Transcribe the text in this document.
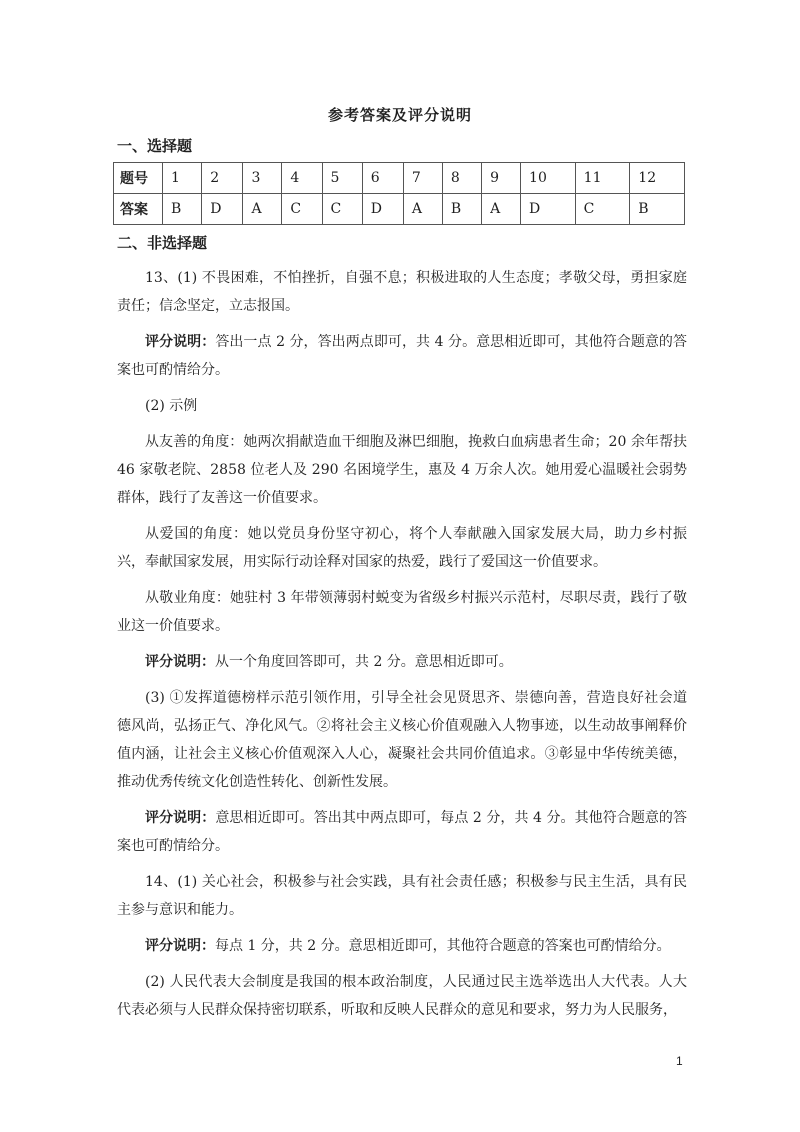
参考答案及评分说明
一、选择题
题号	1	2	3	4	5	6	7	8	9	10	11	12
答案	B	D	A	C	C	D	A	B	A	D	C	B
二、非选择题

13、(1) 不畏困难，不怕挫折，自强不息；积极进取的人生态度；孝敬父母，勇担家庭责任；信念坚定，立志报国。

评分说明：答出一点 2 分，答出两点即可，共 4 分。意思相近即可，其他符合题意的答案也可酌情给分。

(2) 示例

从友善的角度：她两次捐献造血干细胞及淋巴细胞，挽救白血病患者生命；20 余年帮扶 46 家敬老院、2858 位老人及 290 名困境学生，惠及 4 万余人次。她用爱心温暖社会弱势群体，践行了友善这一价值要求。

从爱国的角度：她以党员身份坚守初心，将个人奉献融入国家发展大局，助力乡村振兴，奉献国家发展，用实际行动诠释对国家的热爱，践行了爱国这一价值要求。

从敬业角度：她驻村 3 年带领薄弱村蜕变为省级乡村振兴示范村，尽职尽责，践行了敬业这一价值要求。

评分说明：从一个角度回答即可，共 2 分。意思相近即可。

(3) ①发挥道德榜样示范引领作用，引导全社会见贤思齐、崇德向善，营造良好社会道德风尚，弘扬正气、净化风气。②将社会主义核心价值观融入人物事迹，以生动故事阐释价值内涵，让社会主义核心价值观深入人心，凝聚社会共同价值追求。③彰显中华传统美德，推动优秀传统文化创造性转化、创新性发展。

评分说明：意思相近即可。答出其中两点即可，每点 2 分，共 4 分。其他符合题意的答案也可酌情给分。

14、(1) 关心社会，积极参与社会实践，具有社会责任感；积极参与民主生活，具有民主参与意识和能力。

评分说明：每点 1 分，共 2 分。意思相近即可，其他符合题意的答案也可酌情给分。

(2) 人民代表大会制度是我国的根本政治制度，人民通过民主选举选出人大代表。人大代表必须与人民群众保持密切联系，听取和反映人民群众的意见和要求，努力为人民服务，

1
